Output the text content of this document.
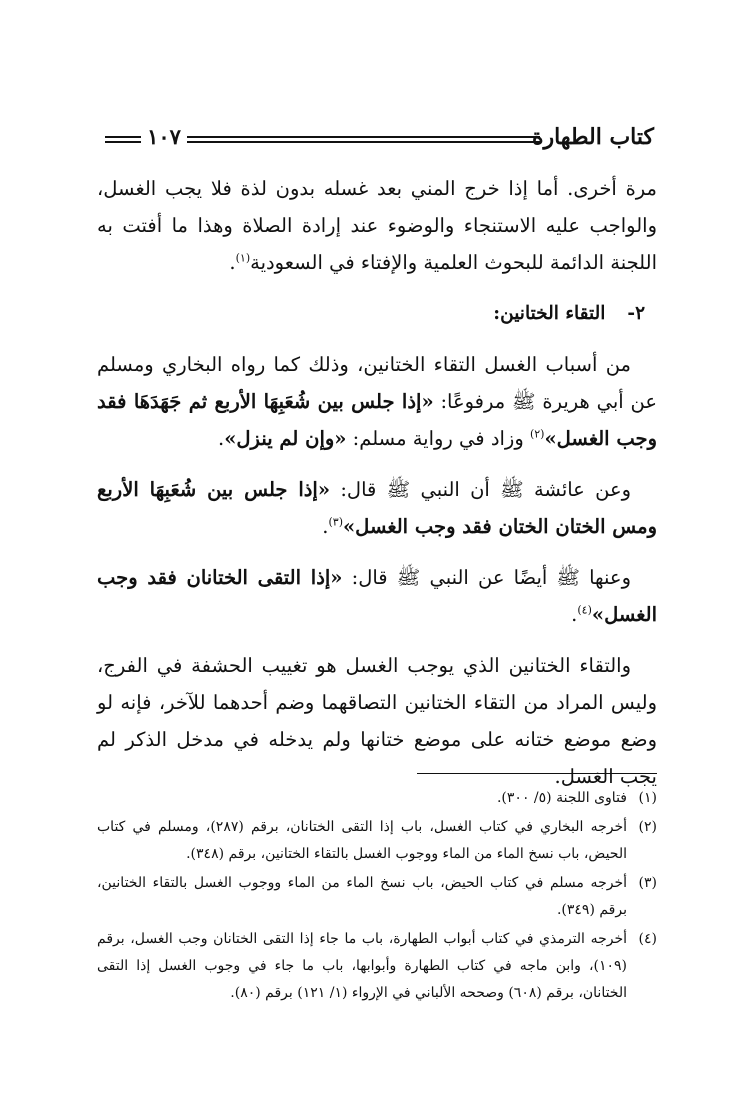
كتاب الطهارة
١٠٧

مرة أخرى. أما إذا خرج المني بعد غسله بدون لذة فلا يجب الغسل، والواجب عليه الاستنجاء والوضوء عند إرادة الصلاة وهذا ما أفتت به اللجنة الدائمة للبحوث العلمية والإفتاء في السعودية$^{(١)}$.

٢-التقاء الختانين:

من أسباب الغسل التقاء الختانين، وذلك كما رواه البخاري ومسلم عن أبي هريرة ﷺ مرفوعًا: «إذا جلس بين شُعَبِهَا الأربع ثم جَهَدَهَا فقد وجب الغسل»$^{(٢)}$ وزاد في رواية مسلم: «وإن لم ينزل».

وعن عائشة ﷺ أن النبي ﷺ قال: «إذا جلس بين شُعَبِهَا الأربع ومس الختان الختان فقد وجب الغسل»$^{(٣)}$.

وعنها ﷺ أيضًا عن النبي ﷺ قال: «إذا التقى الختانان فقد وجب الغسل»$^{(٤)}$.

والتقاء الختانين الذي يوجب الغسل هو تغييب الحشفة في الفرج، وليس المراد من التقاء الختانين التصاقهما وضم أحدهما للآخر، فإنه لو وضع موضع ختانه على موضع ختانها ولم يدخله في مدخل الذكر لم يجب الغسل.

(١)
فتاوى اللجنة (٥/ ٣٠٠).
(٢)
أخرجه البخاري في كتاب الغسل، باب إذا التقى الختانان، برقم (٢٨٧)، ومسلم في كتاب الحيض، باب نسخ الماء من الماء ووجوب الغسل بالتقاء الختانين، برقم (٣٤٨).
(٣)
أخرجه مسلم في كتاب الحيض، باب نسخ الماء من الماء ووجوب الغسل بالتقاء الختانين، برقم (٣٤٩).
(٤)
أخرجه الترمذي في كتاب أبواب الطهارة، باب ما جاء إذا التقى الختانان وجب الغسل، برقم (١٠٩)، وابن ماجه في كتاب الطهارة وأبوابها، باب ما جاء في وجوب الغسل إذا التقى الختانان، برقم (٦٠٨) وصححه الألباني في الإرواء (١/ ١٢١) برقم (٨٠).
